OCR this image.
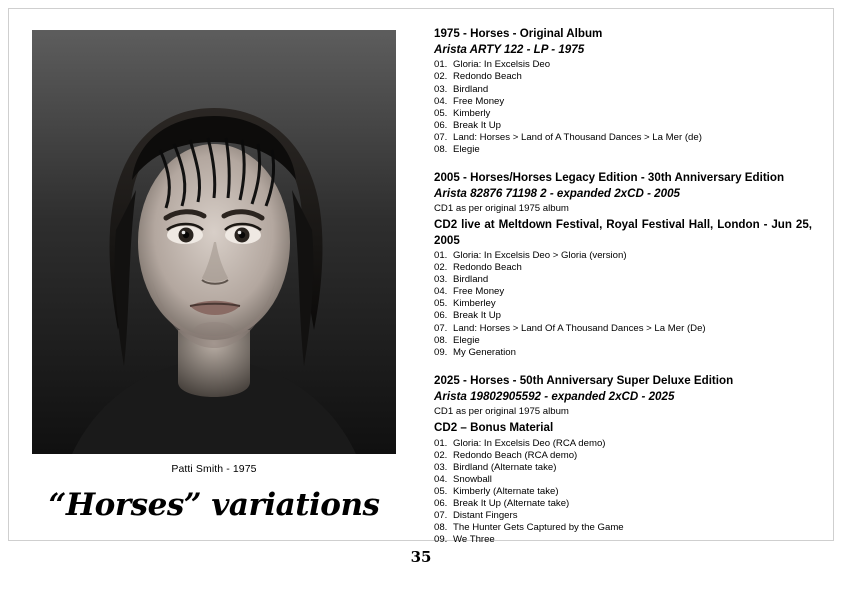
Patti Smith - 1975
“Horses” variations
1975 - Horses - Original Album
Arista ARTY 122 - LP - 1975
01. Gloria: In Excelsis Deo
02. Redondo Beach
03. Birdland
04. Free Money
05. Kimberly
06. Break It Up
07. Land: Horses > Land of A Thousand Dances > La Mer (de)
08. Elegie
2005 - Horses/Horses Legacy Edition - 30th Anniversary Edition
Arista 82876 71198 2 - expanded 2xCD - 2005
CD1 as per original 1975 album
CD2 live at Meltdown Festival, Royal Festival Hall, London - Jun 25, 2005
01. Gloria: In Excelsis Deo > Gloria (version)
02. Redondo Beach
03. Birdland
04. Free Money
05. Kimberley
06. Break It Up
07. Land: Horses > Land Of A Thousand Dances > La Mer (De)
08. Elegie
09. My Generation
2025 - Horses - 50th Anniversary Super Deluxe Edition
Arista 19802905592 - expanded 2xCD - 2025
CD1 as per original 1975 album
CD2 – Bonus Material
01. Gloria: In Excelsis Deo (RCA demo)
02. Redondo Beach (RCA demo)
03. Birdland (Alternate take)
04. Snowball
05. Kimberly (Alternate take)
06. Break It Up (Alternate take)
07. Distant Fingers
08. The Hunter Gets Captured by the Game
09. We Three
35
